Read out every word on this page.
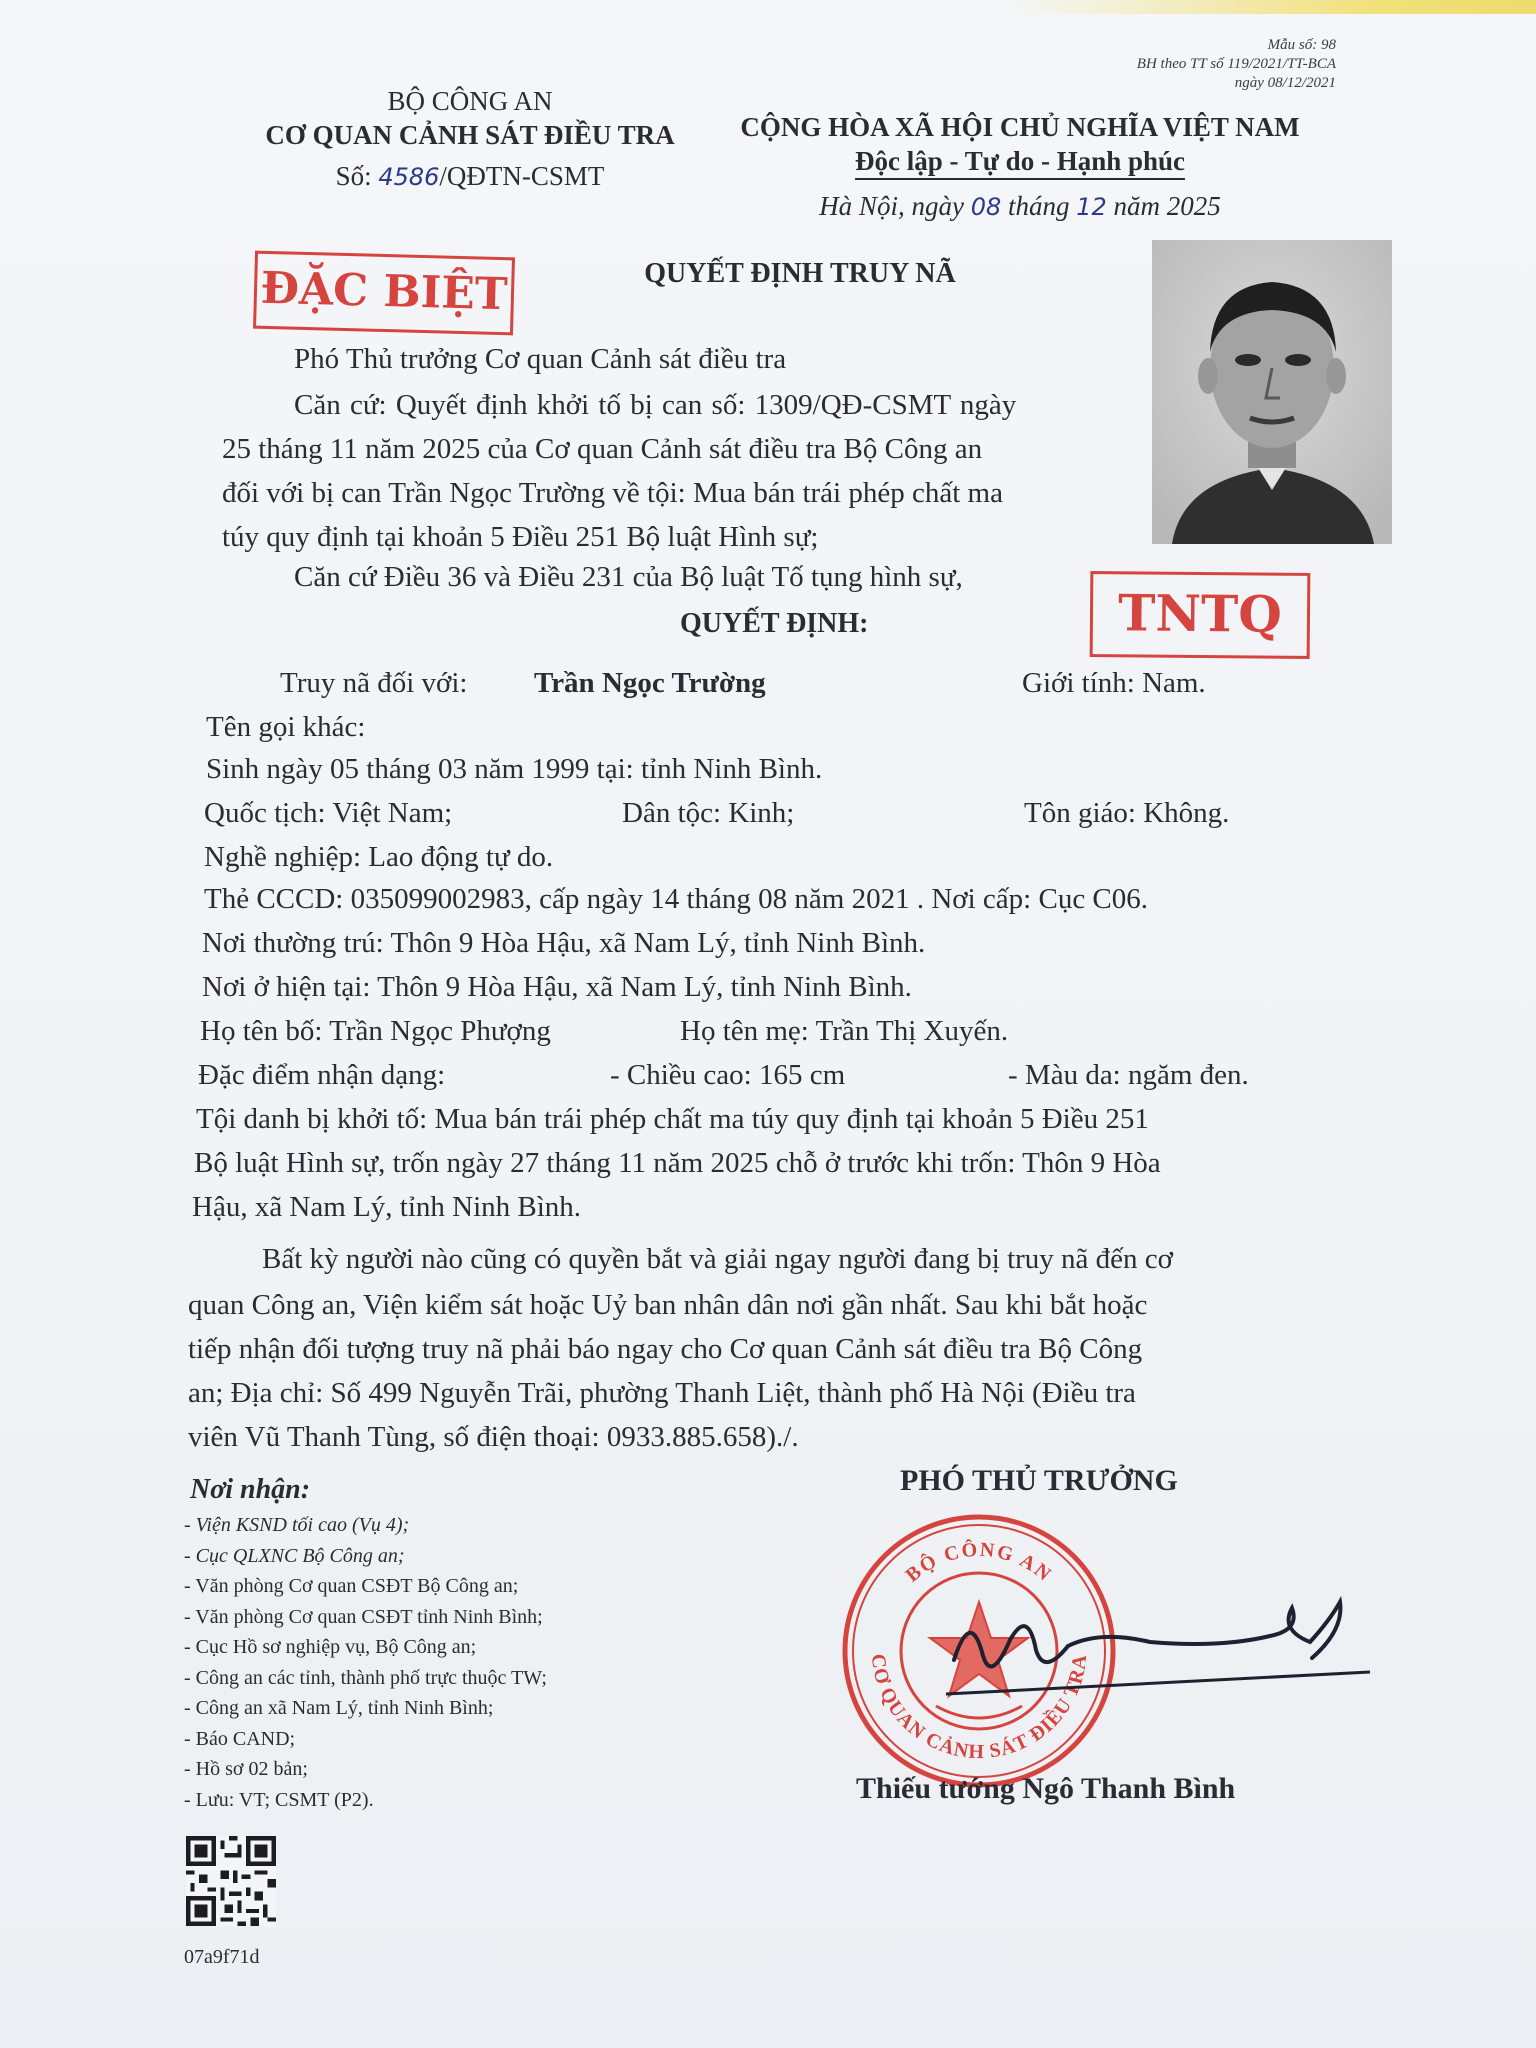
Mẫu số: 98
BH theo TT số 119/2021/TT-BCA
ngày 08/12/2021
BỘ CÔNG AN
CƠ QUAN CẢNH SÁT ĐIỀU TRA
Số: 4586/QĐTN-CSMT
CỘNG HÒA XÃ HỘI CHỦ NGHĨA VIỆT NAM
Độc lập - Tự do - Hạnh phúc
Hà Nội, ngày 08 tháng 12 năm 2025
QUYẾT ĐỊNH TRUY NÃ
ĐẶC BIỆT
Phó Thủ trưởng Cơ quan Cảnh sát điều tra
Căn cứ: Quyết định khởi tố bị can số: 1309/QĐ-CSMT ngày
25 tháng 11 năm 2025 của Cơ quan Cảnh sát điều tra Bộ Công an
đối với bị can Trần Ngọc Trường về tội: Mua bán trái phép chất ma
túy quy định tại khoản 5 Điều 251 Bộ luật Hình sự;
Căn cứ Điều 36 và Điều 231 của Bộ luật Tố tụng hình sự,
TNTQ
QUYẾT ĐỊNH:
Truy nã đối với: Trần Ngọc Trường	Giới tính: Nam.
Tên gọi khác:
Sinh ngày 05 tháng 03 năm 1999 tại: tỉnh Ninh Bình.
Quốc tịch: Việt Nam;	Dân tộc: Kinh;	Tôn giáo: Không.
Nghề nghiệp: Lao động tự do.
Thẻ CCCD: 035099002983, cấp ngày 14 tháng 08 năm 2021 . Nơi cấp: Cục C06.
Nơi thường trú: Thôn 9 Hòa Hậu, xã Nam Lý, tỉnh Ninh Bình.
Nơi ở hiện tại: Thôn 9 Hòa Hậu, xã Nam Lý, tỉnh Ninh Bình.
Họ tên bố: Trần Ngọc Phượng	Họ tên mẹ: Trần Thị Xuyến.
Đặc điểm nhận dạng:	- Chiều cao: 165 cm	- Màu da: ngăm đen.
Tội danh bị khởi tố: Mua bán trái phép chất ma túy quy định tại khoản 5 Điều 251
Bộ luật Hình sự, trốn ngày 27 tháng 11 năm 2025 chỗ ở trước khi trốn: Thôn 9 Hòa
Hậu, xã Nam Lý, tỉnh Ninh Bình.
Bất kỳ người nào cũng có quyền bắt và giải ngay người đang bị truy nã đến cơ
quan Công an, Viện kiểm sát hoặc Uỷ ban nhân dân nơi gần nhất. Sau khi bắt hoặc
tiếp nhận đối tượng truy nã phải báo ngay cho Cơ quan Cảnh sát điều tra Bộ Công
an; Địa chỉ: Số 499 Nguyễn Trãi, phường Thanh Liệt, thành phố Hà Nội (Điều tra
viên Vũ Thanh Tùng, số điện thoại: 0933.885.658)./.
Nơi nhận:
- Viện KSND tối cao (Vụ 4);
- Cục QLXNC Bộ Công an;
- Văn phòng Cơ quan CSĐT Bộ Công an;
- Văn phòng Cơ quan CSĐT tỉnh Ninh Bình;
- Cục Hồ sơ nghiệp vụ, Bộ Công an;
- Công an các tỉnh, thành phố trực thuộc TW;
- Công an xã Nam Lý, tỉnh Ninh Bình;
- Báo CAND;
- Hồ sơ 02 bản;
- Lưu: VT; CSMT (P2).
PHÓ THỦ TRƯỞNG
BỘ CÔNG AN
CƠ QUAN CẢNH SÁT ĐIỀU TRA
Thiếu tướng Ngô Thanh Bình
07a9f71d
